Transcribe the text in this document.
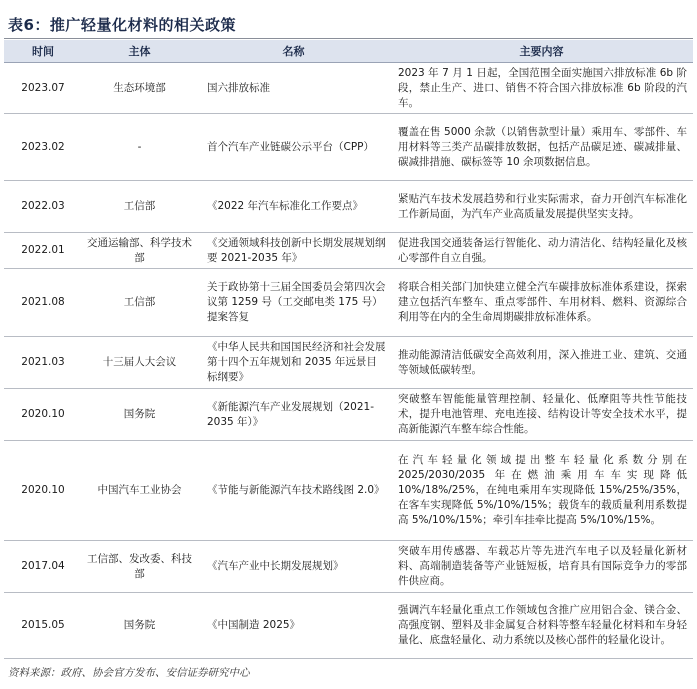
表6：推广轻量化材料的相关政策
时间	主体	名称	主要内容
2023.07	生态环境部	国六排放标准	2023 年 7 月 1 日起，全国范围全面实施国六排放标准 6b 阶段，禁止生产、进口、销售不符合国六排放标准 6b 阶段的汽车。
2023.02	-	首个汽车产业链碳公示平台（CPP）	覆盖在售 5000 余款（以销售款型计量）乘用车、零部件、车用材料等三类产品碳排放数据，包括产品碳足迹、碳减排量、碳减排措施、碳标签等 10 余项数据信息。
2022.03	工信部	《2022 年汽车标准化工作要点》	紧贴汽车技术发展趋势和行业实际需求，奋力开创汽车标准化工作新局面，为汽车产业高质量发展提供坚实支持。
2022.01	交通运输部、科学技术部	《交通领域科技创新中长期发展规划纲要 2021-2035 年》	促进我国交通装备运行智能化、动力清洁化、结构轻量化及核心零部件自立自强。
2021.08	工信部	关于政协第十三届全国委员会第四次会议第 1259 号（工交邮电类 175 号）提案答复	将联合相关部门加快建立健全汽车碳排放标准体系建设，探索建立包括汽车整车、重点零部件、车用材料、燃料、资源综合利用等在内的全生命周期碳排放标准体系。
2021.03	十三届人大会议	《中华人民共和国国民经济和社会发展第十四个五年规划和 2035 年远景目标纲要》	推动能源清洁低碳安全高效利用，深入推进工业、建筑、交通等领域低碳转型。
2020.10	国务院	《新能源汽车产业发展规划（2021-2035 年）》	突破整车智能能量管理控制、轻量化、低摩阻等共性节能技术，提升电池管理、充电连接、结构设计等安全技术水平，提高新能源汽车整车综合性能。
2020.10	中国汽车工业协会	《节能与新能源汽车技术路线图 2.0》	在汽车轻量化领域提出整车轻量化系数分别在 2025/2030/2035 年在燃油乘用车车实现降低 10%/18%/25%，在纯电乘用车实现降低 15%/25%/35%，在客车实现降低 5%/10%/15%；载货车的载质量利用系数提高 5%/10%/15%；牵引车挂牵比提高 5%/10%/15%。
2017.04	工信部、发改委、科技部	《汽车产业中长期发展规划》	突破车用传感器、车载芯片等先进汽车电子以及轻量化新材料、高端制造装备等产业链短板，培育具有国际竞争力的零部件供应商。
2015.05	国务院	《中国制造 2025》	强调汽车轻量化重点工作领域包含推广应用铝合金、镁合金、高强度钢、塑料及非金属复合材料等整车轻量化材料和车身轻量化、底盘轻量化、动力系统以及核心部件的轻量化设计。
资料来源：政府、协会官方发布、安信证券研究中心
